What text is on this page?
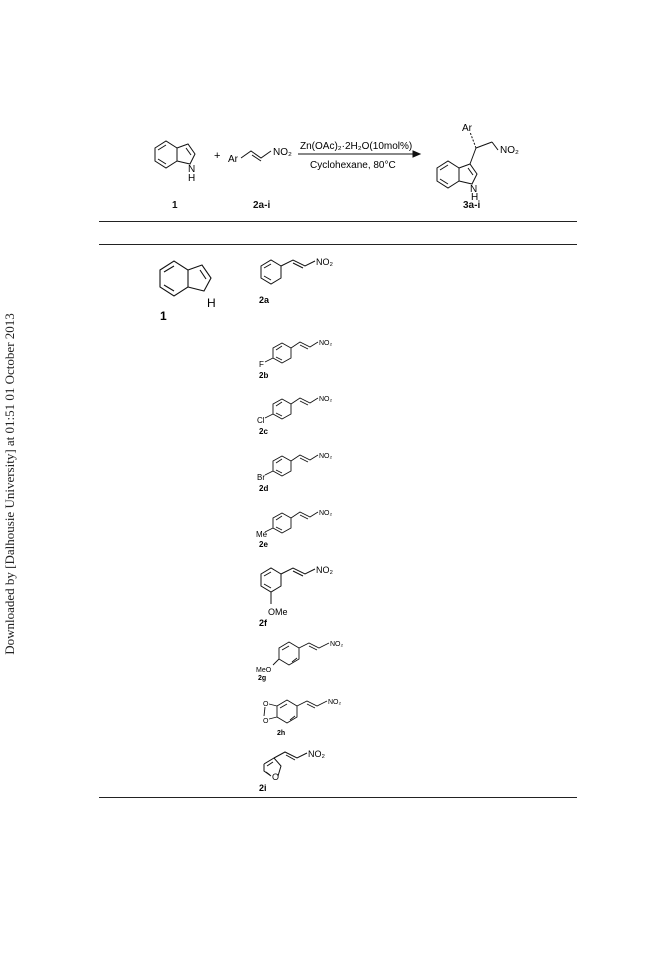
Downloaded by [Dalhousie University] at 01:51 01 October 2013
N
H
1
+ Ar
NO₂
2a-i
Zn(OAc)₂·2H₂O(10mol%)
Cyclohexane, 80°C
Ar
NO₂
N
H
3a-i
H
1
NO₂
2a
NO₂
F
2b
NO₂
Cl
2c
NO₂
Br
2d
NO₂
Me
2e
NO₂
OMe
2f
NO₂
MeO
2g
O
O
NO₂
2h
O
NO₂
2i
